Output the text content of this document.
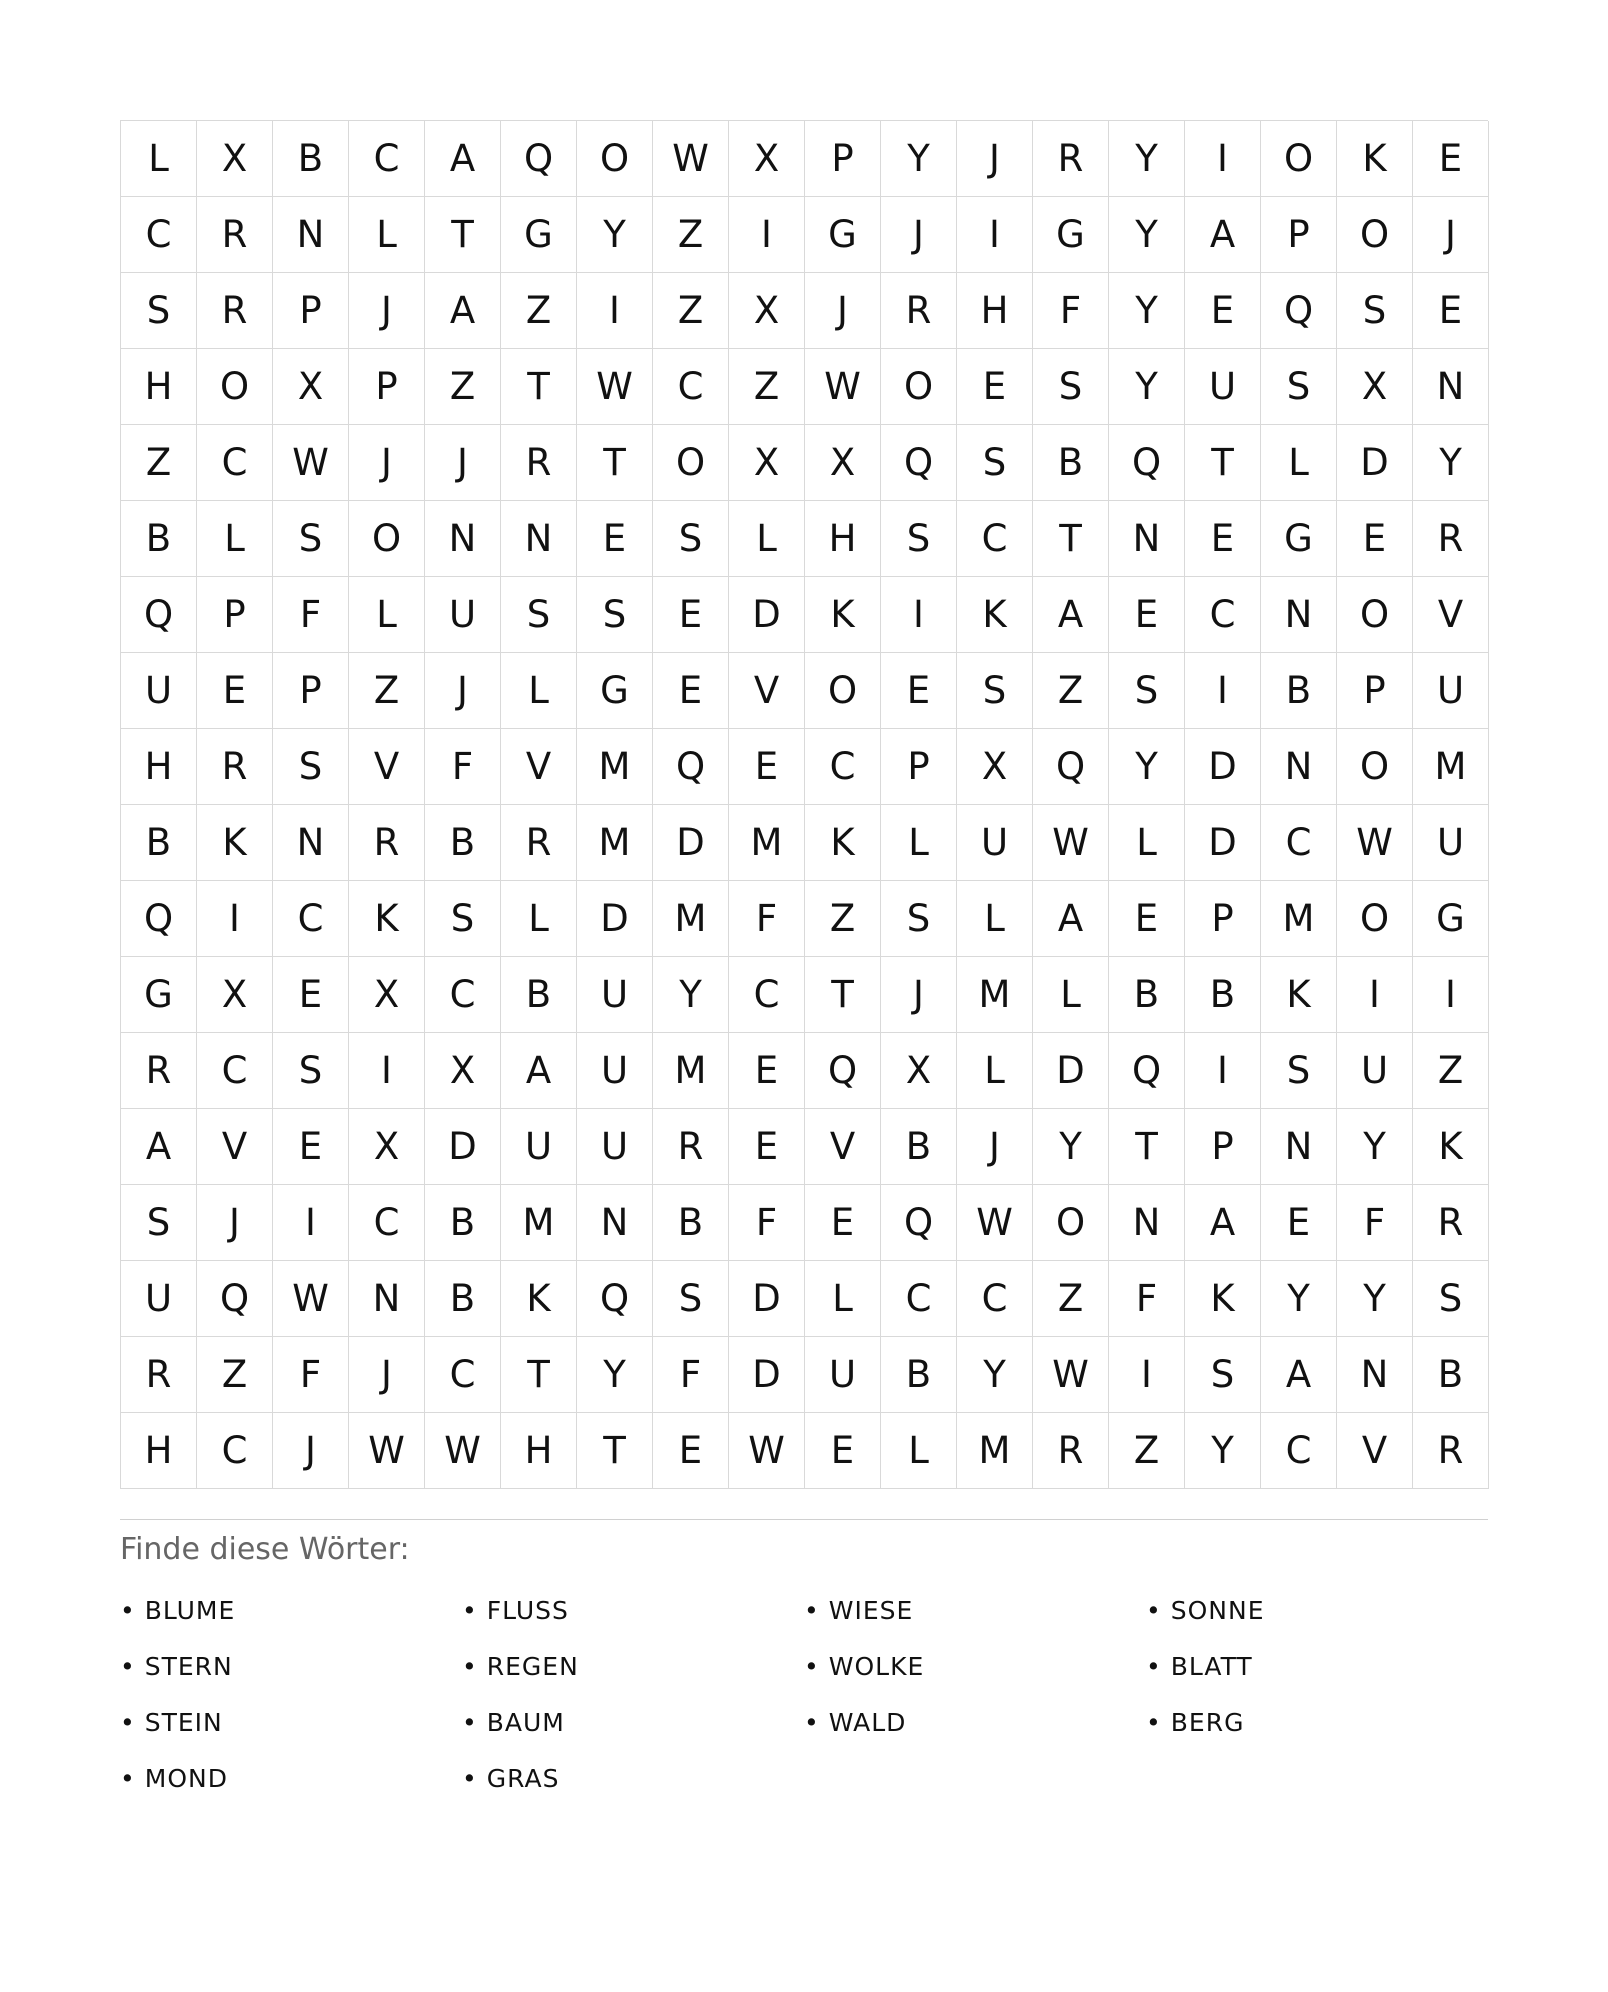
L	X	B	C	A	Q	O	W	X	P	Y	J	R	Y	I	O	K	E
C	R	N	L	T	G	Y	Z	I	G	J	I	G	Y	A	P	O	J
S	R	P	J	A	Z	I	Z	X	J	R	H	F	Y	E	Q	S	E
H	O	X	P	Z	T	W	C	Z	W	O	E	S	Y	U	S	X	N
Z	C	W	J	J	R	T	O	X	X	Q	S	B	Q	T	L	D	Y
B	L	S	O	N	N	E	S	L	H	S	C	T	N	E	G	E	R
Q	P	F	L	U	S	S	E	D	K	I	K	A	E	C	N	O	V
U	E	P	Z	J	L	G	E	V	O	E	S	Z	S	I	B	P	U
H	R	S	V	F	V	M	Q	E	C	P	X	Q	Y	D	N	O	M
B	K	N	R	B	R	M	D	M	K	L	U	W	L	D	C	W	U
Q	I	C	K	S	L	D	M	F	Z	S	L	A	E	P	M	O	G
G	X	E	X	C	B	U	Y	C	T	J	M	L	B	B	K	I	I
R	C	S	I	X	A	U	M	E	Q	X	L	D	Q	I	S	U	Z
A	V	E	X	D	U	U	R	E	V	B	J	Y	T	P	N	Y	K
S	J	I	C	B	M	N	B	F	E	Q	W	O	N	A	E	F	R
U	Q	W	N	B	K	Q	S	D	L	C	C	Z	F	K	Y	Y	S
R	Z	F	J	C	T	Y	F	D	U	B	Y	W	I	S	A	N	B
H	C	J	W	W	H	T	E	W	E	L	M	R	Z	Y	C	V	R
Finde diese Wörter:
• BLUME	• FLUSS	• WIESE	• SONNE
• STERN	• REGEN	• WOLKE	• BLATT
• STEIN	• BAUM	• WALD	• BERG
• MOND	• GRAS
